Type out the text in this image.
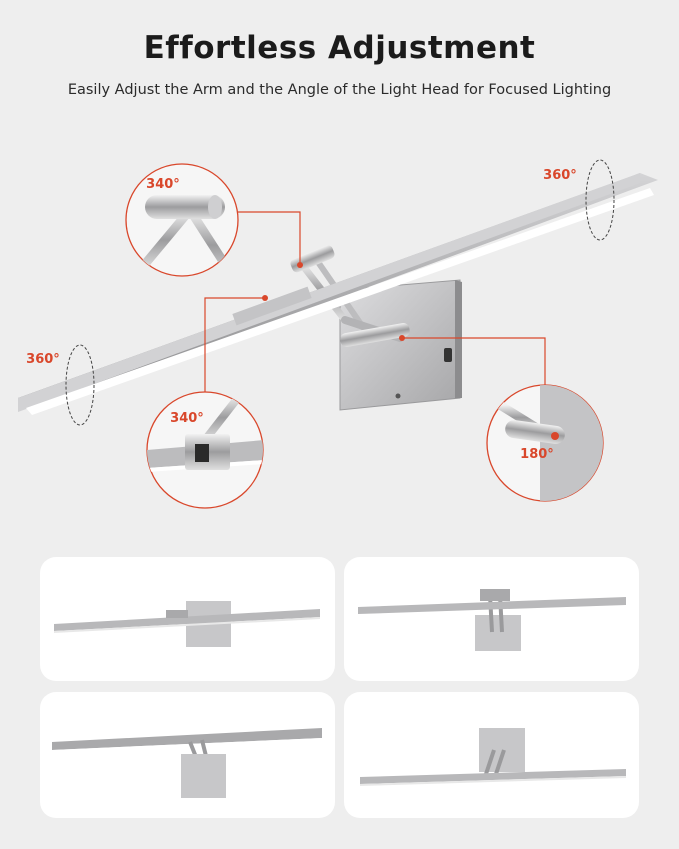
Effortless Adjustment
Easily Adjust the Arm and the Angle of the Light Head for Focused Lighting
340°
360°
360°
340°
180°
